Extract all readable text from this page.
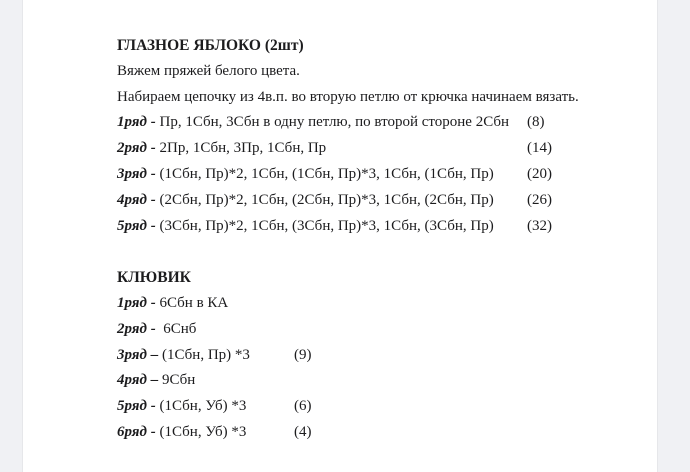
ГЛАЗНОЕ ЯБЛОКО (2шт)
Вяжем пряжей белого цвета.
Набираем цепочку из 4в.п. во вторую петлю от крючка начинаем вязать.
1ряд - Пр, 1Сбн, 3Сбн в одну петлю, по второй стороне 2Сбн (8)
2ряд - 2Пр, 1Сбн, 3Пр, 1Сбн, Пр	(14)
3ряд - (1Сбн, Пр)*2, 1Сбн, (1Сбн, Пр)*3, 1Сбн, (1Сбн, Пр) (20)
4ряд - (2Сбн, Пр)*2, 1Сбн, (2Сбн, Пр)*3, 1Сбн, (2Сбн, Пр) (26)
5ряд - (3Сбн, Пр)*2, 1Сбн, (3Сбн, Пр)*3, 1Сбн, (3Сбн, Пр) (32)
КЛЮВИК
1ряд - 6Сбн в КА
2ряд -  6Снб
3ряд – (1Сбн, Пр) *3	(9)
4ряд – 9Сбн
5ряд - (1Сбн, Уб) *3	(6)
6ряд - (1Сбн, Уб) *3	(4)
